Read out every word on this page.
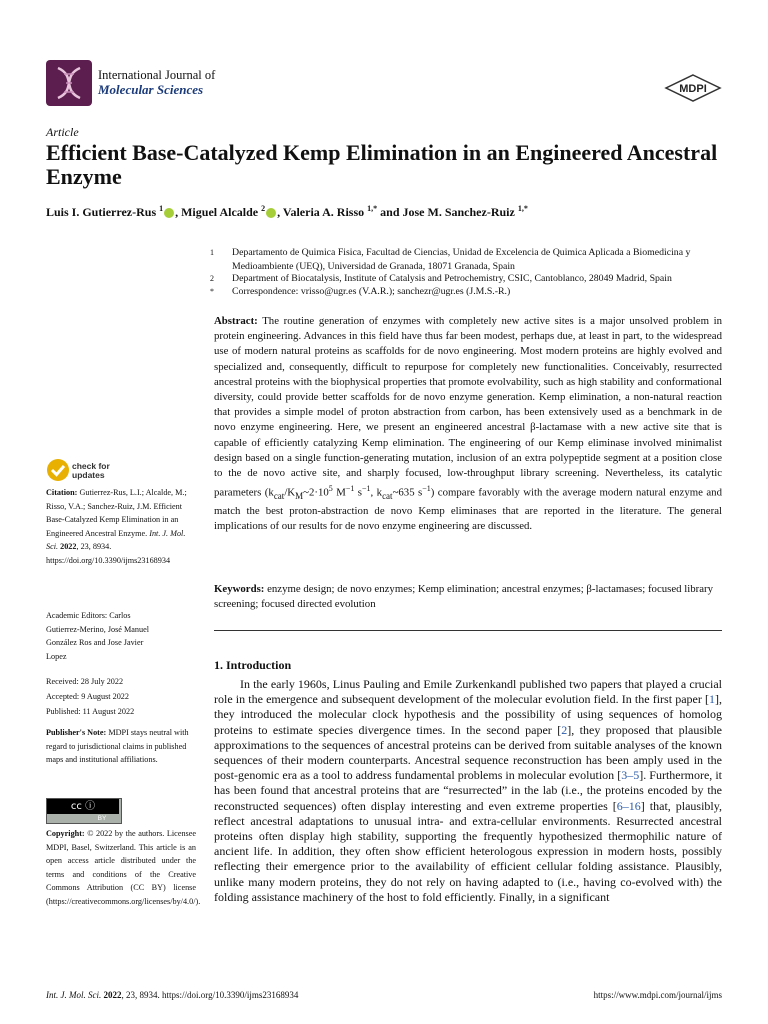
International Journal of
Molecular Sciences	MDPI
Article
Efficient Base-Catalyzed Kemp Elimination in an Engineered Ancestral Enzyme
Luis I. Gutierrez-Rus $^1$ , Miguel Alcalde $^2$ , Valeria A. Risso $^{1,*}$ and Jose M. Sanchez-Ruiz $^{1,*}$
1	Departamento de Quimica Fisica, Facultad de Ciencias, Unidad de Excelencia de Quimica Aplicada a Biomedicina y Medioambiente (UEQ), Universidad de Granada, 18071 Granada, Spain
2	Department of Biocatalysis, Institute of Catalysis and Petrochemistry, CSIC, Cantoblanco, 28049 Madrid, Spain
*	Correspondence: vrisso@ugr.es (V.A.R.); sanchezr@ugr.es (J.M.S.-R.)
Abstract: The routine generation of enzymes with completely new active sites is a major unsolved problem in protein engineering. Advances in this field have thus far been modest, perhaps due, at least in part, to the widespread use of modern natural proteins as scaffolds for de novo engineering. Most modern proteins are highly evolved and specialized and, consequently, difficult to repurpose for completely new functionalities. Conceivably, resurrected ancestral proteins with the biophysical properties that promote evolvability, such as high stability and conformational diversity, could provide better scaffolds for de novo enzyme generation. Kemp elimination, a non-natural reaction that provides a simple model of proton abstraction from carbon, has been extensively used as a benchmark in de novo enzyme engineering. Here, we present an engineered ancestral β-lactamase with a new active site that is capable of efficiently catalyzing Kemp elimination. The engineering of our Kemp eliminase involved minimalist design based on a single function-generating mutation, inclusion of an extra polypeptide segment at a position close to the de novo active site, and sharply focused, low-throughput library screening. Nevertheless, its catalytic parameters ($k_{cat}/K_M\sim 2\cdot 10^5$ $M^{-1}$ $s^{-1}$, $k_{cat}\sim 635$ $s^{-1}$) compare favorably with the average modern natural enzyme and match the best proton-abstraction de novo Kemp eliminases that are reported in the literature. The general implications of our results for de novo enzyme engineering are discussed.
Keywords: enzyme design; de novo enzymes; Kemp elimination; ancestral enzymes; β-lactamases; focused library screening; focused directed evolution
check for
updates
Citation: Gutierrez-Rus, L.I.; Alcalde, M.; Risso, V.A.; Sanchez-Ruiz, J.M. Efficient Base-Catalyzed Kemp Elimination in an Engineered Ancestral Enzyme. Int. J. Mol. Sci. 2022, 23, 8934. https://doi.org/10.3390/ijms23168934
Academic Editors: Carlos Gutierrez-Merino, José Manuel González Ros and Jose Javier Lopez
Received: 28 July 2022
Accepted: 9 August 2022
Published: 11 August 2022
Publisher's Note: MDPI stays neutral with regard to jurisdictional claims in published maps and institutional affiliations.
cc ⓘ
BY
Copyright: © 2022 by the authors. Licensee MDPI, Basel, Switzerland. This article is an open access article distributed under the terms and conditions of the Creative Commons Attribution (CC BY) license (https://creativecommons.org/licenses/by/4.0/).
1. Introduction
In the early 1960s, Linus Pauling and Emile Zurkenkandl published two papers that played a crucial role in the emergence and subsequent development of the molecular evolution field. In the first paper [1], they introduced the molecular clock hypothesis and the possibility of using sequences of homolog proteins to estimate species divergence times. In the second paper [2], they proposed that plausible approximations to the sequences of ancestral proteins can be derived from suitable analyses of the known sequences of their modern counterparts. Ancestral sequence reconstruction has been amply used in the post-genomic era as a tool to address fundamental problems in molecular evolution [3–5]. Furthermore, it has been found that ancestral proteins that are “resurrected” in the lab (i.e., the proteins encoded by the reconstructed sequences) often display interesting and even extreme properties [6–16] that, plausibly, reflect ancestral adaptations to unusual intra- and extra-cellular environments. Resurrected ancestral proteins often display high stability, supporting the frequently hypothesized thermophilic nature of ancient life. In addition, they often show efficient heterologous expression in modern hosts, possibly reflecting their emergence prior to the availability of efficient cellular folding assistance. Plausibly, unlike many modern proteins, they do not rely on having adapted to (i.e., having co-evolved with) the folding assistance machinery of the host to fold efficiently. Finally, in a significant
Int. J. Mol. Sci. 2022, 23, 8934. https://doi.org/10.3390/ijms23168934	https://www.mdpi.com/journal/ijms
